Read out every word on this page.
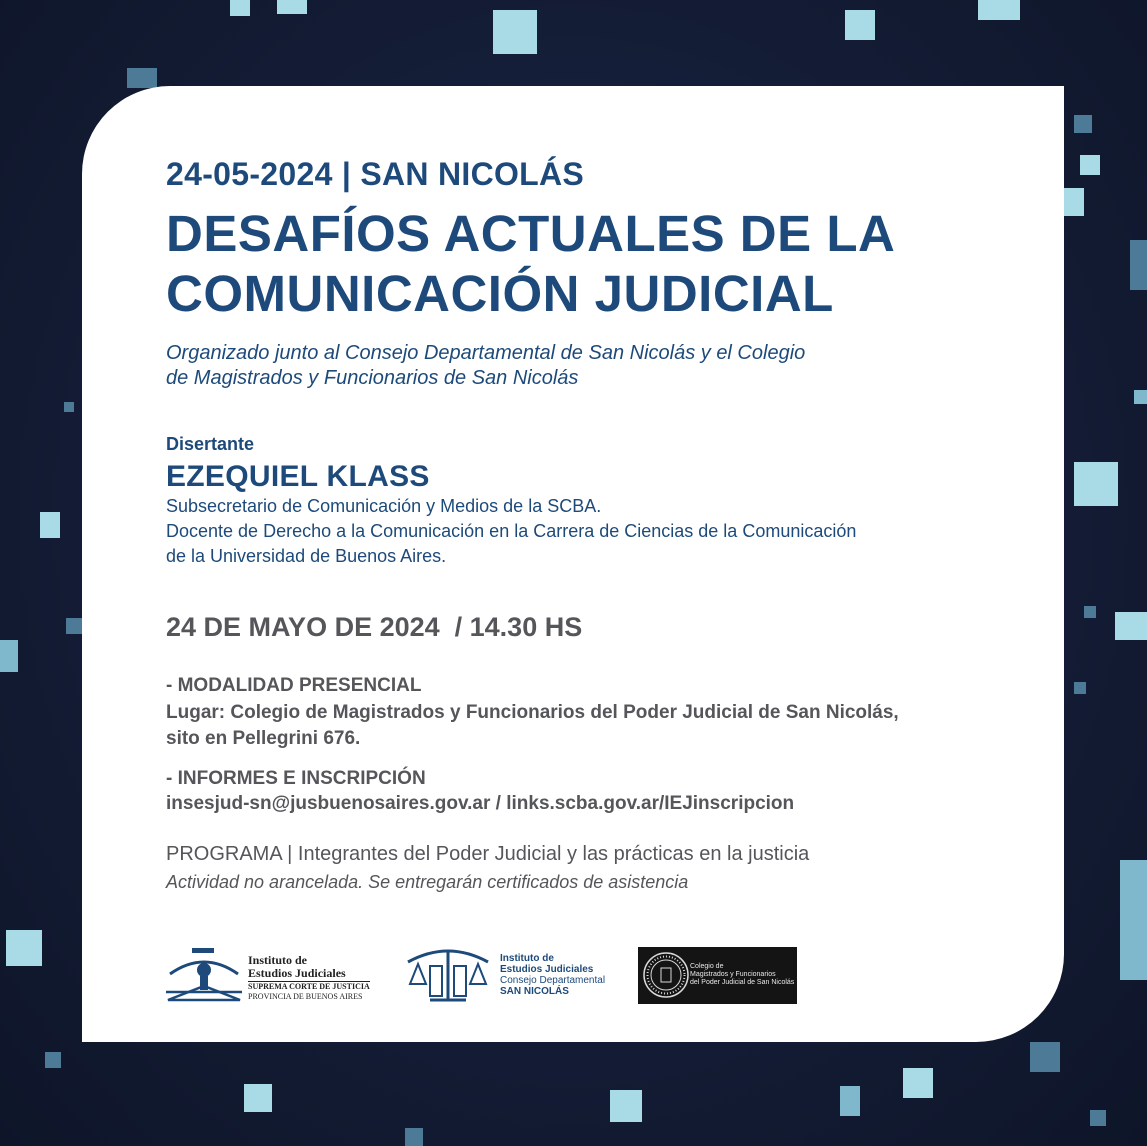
24-05-2024 | SAN NICOLÁS

DESAFÍOS ACTUALES DE LA
COMUNICACIÓN JUDICIAL
Organizado junto al Consejo Departamental de San Nicolás y el Colegio
de Magistrados y Funcionarios de San Nicolás

Disertante

EZEQUIEL KLASS

Subsecretario de Comunicación y Medios de la SCBA.
Docente de Derecho a la Comunicación en la Carrera de Ciencias de la Comunicación
de la Universidad de Buenos Aires.

24 DE MAYO DE 2024  / 14.30 HS

- MODALIDAD PRESENCIAL

Lugar: Colegio de Magistrados y Funcionarios del Poder Judicial de San Nicolás,
sito en Pellegrini 676.

- INFORMES E INSCRIPCIÓN

insesjud-sn@jusbuenosaires.gov.ar / links.scba.gov.ar/IEJinscripcion

PROGRAMA | Integrantes del Poder Judicial y las prácticas en la justicia

Actividad no arancelada. Se entregarán certificados de asistencia

Instituto de
Estudios Judiciales
SUPREMA CORTE DE JUSTICIA
PROVINCIA DE BUENOS AIRES
Instituto de
Estudios Judiciales
Consejo Departamental
SAN NICOLÁS
Colegio de
Magistrados y Funcionarios
del Poder Judicial de San Nicolás
